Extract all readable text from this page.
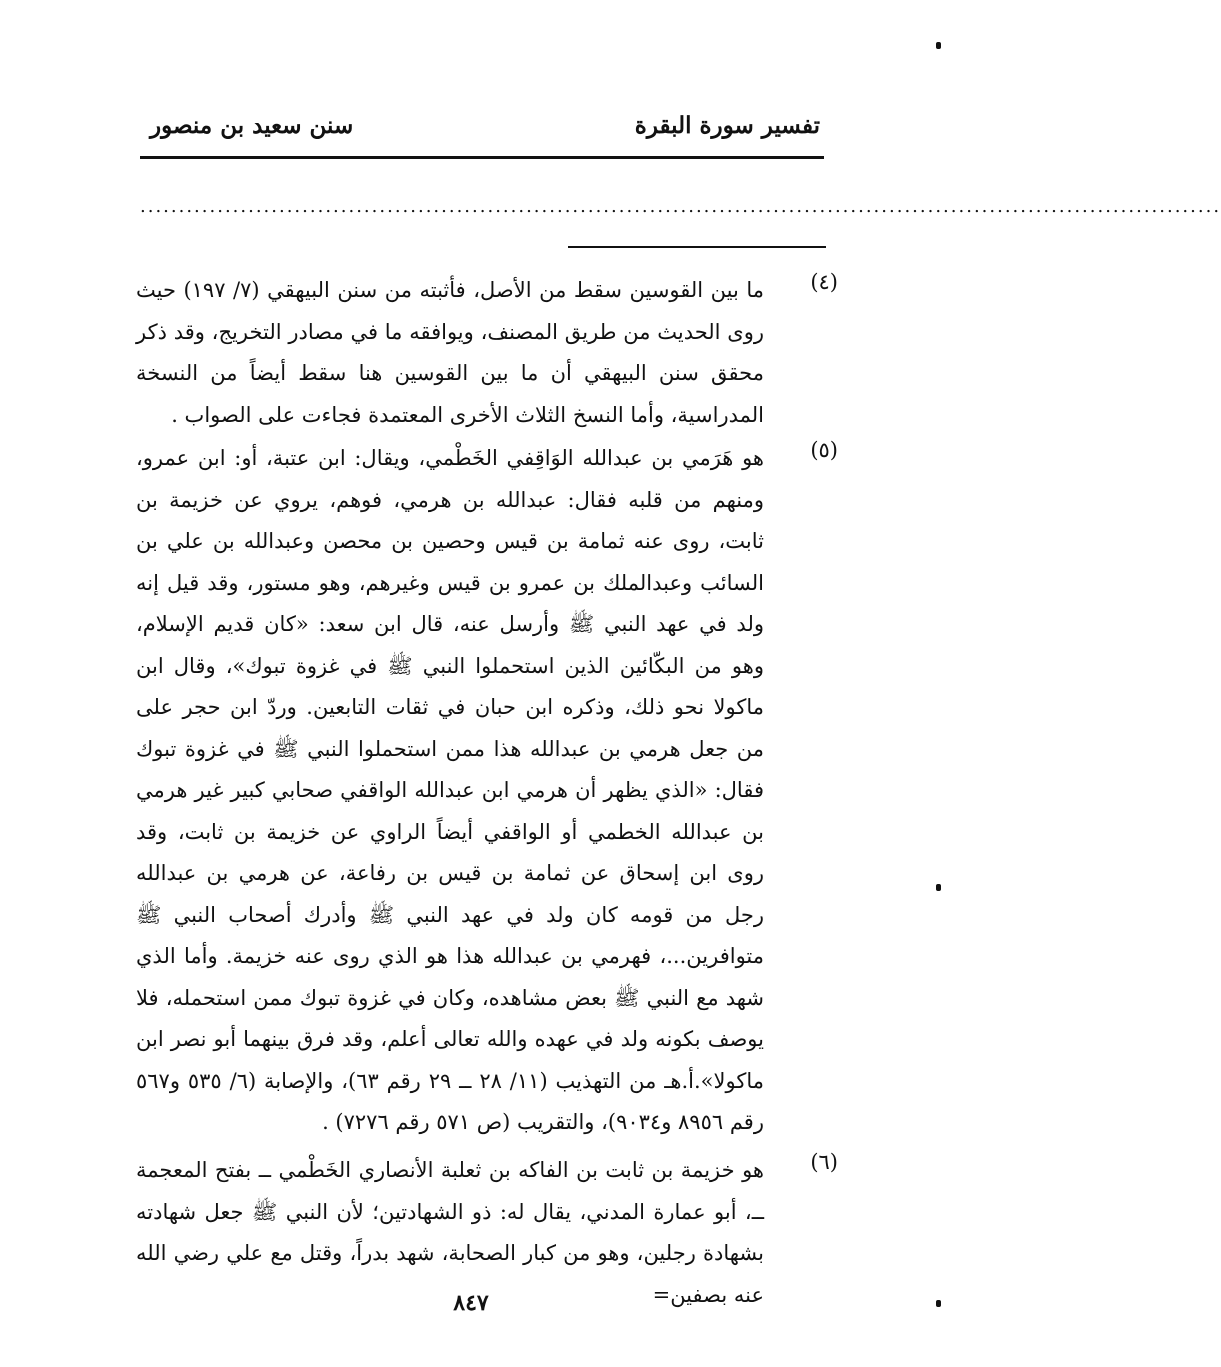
تفسير سورة البقرة
سنن سعيد بن منصور
............................................................................................................................................
(٤)

ما بين القوسين سقط من الأصل، فأثبته من سنن البيهقي (٧/ ١٩٧) حيث روى الحديث من طريق المصنف، ويوافقه ما في مصادر التخريج، وقد ذكر محقق سنن البيهقي أن ما بين القوسين هنا سقط أيضاً من النسخة المدراسية، وأما النسخ الثلاث الأخرى المعتمدة فجاءت على الصواب .

(٥)

هو هَرَمي بن عبدالله الوَاقِفي الخَطْمي، ويقال: ابن عتبة، أو: ابن عمرو، ومنهم من قلبه فقال: عبدالله بن هرمي، فوهم، يروي عن خزيمة بن ثابت، روى عنه ثمامة بن قيس وحصين بن محصن وعبدالله بن علي بن السائب وعبدالملك بن عمرو بن قيس وغيرهم، وهو مستور، وقد قيل إنه ولد في عهد النبي ﷺ وأرسل عنه، قال ابن سعد: «كان قديم الإسلام، وهو من البكّائين الذين استحملوا النبي ﷺ في غزوة تبوك»، وقال ابن ماكولا نحو ذلك، وذكره ابن حبان في ثقات التابعين. وردّ ابن حجر على من جعل هرمي بن عبدالله هذا ممن استحملوا النبي ﷺ في غزوة تبوك فقال: «الذي يظهر أن هرمي ابن عبدالله الواقفي صحابي كبير غير هرمي بن عبدالله الخطمي أو الواقفي أيضاً الراوي عن خزيمة بن ثابت، وقد روى ابن إسحاق عن ثمامة بن قيس بن رفاعة، عن هرمي بن عبدالله رجل من قومه كان ولد في عهد النبي ﷺ وأدرك أصحاب النبي ﷺ متوافرين...، فهرمي بن عبدالله هذا هو الذي روى عنه خزيمة. وأما الذي شهد مع النبي ﷺ بعض مشاهده، وكان في غزوة تبوك ممن استحمله، فلا يوصف بكونه ولد في عهده والله تعالى أعلم، وقد فرق بينهما أبو نصر ابن ماكولا».أ.هـ من التهذيب (١١/ ٢٨ ــ ٢٩ رقم ٦٣)، والإصابة (٦/ ٥٣٥ و٥٦٧ رقم ٨٩٥٦ و٩٠٣٤)، والتقريب (ص ٥٧١ رقم ٧٢٧٦) .

(٦)

هو خزيمة بن ثابت بن الفاكه بن ثعلبة الأنصاري الخَطْمي ــ بفتح المعجمة ــ، أبو عمارة المدني، يقال له: ذو الشهادتين؛ لأن النبي ﷺ جعل شهادته بشهادة رجلين، وهو من كبار الصحابة، شهد بدراً، وقتل مع علي رضي الله عنه بصفين=

٨٤٧
